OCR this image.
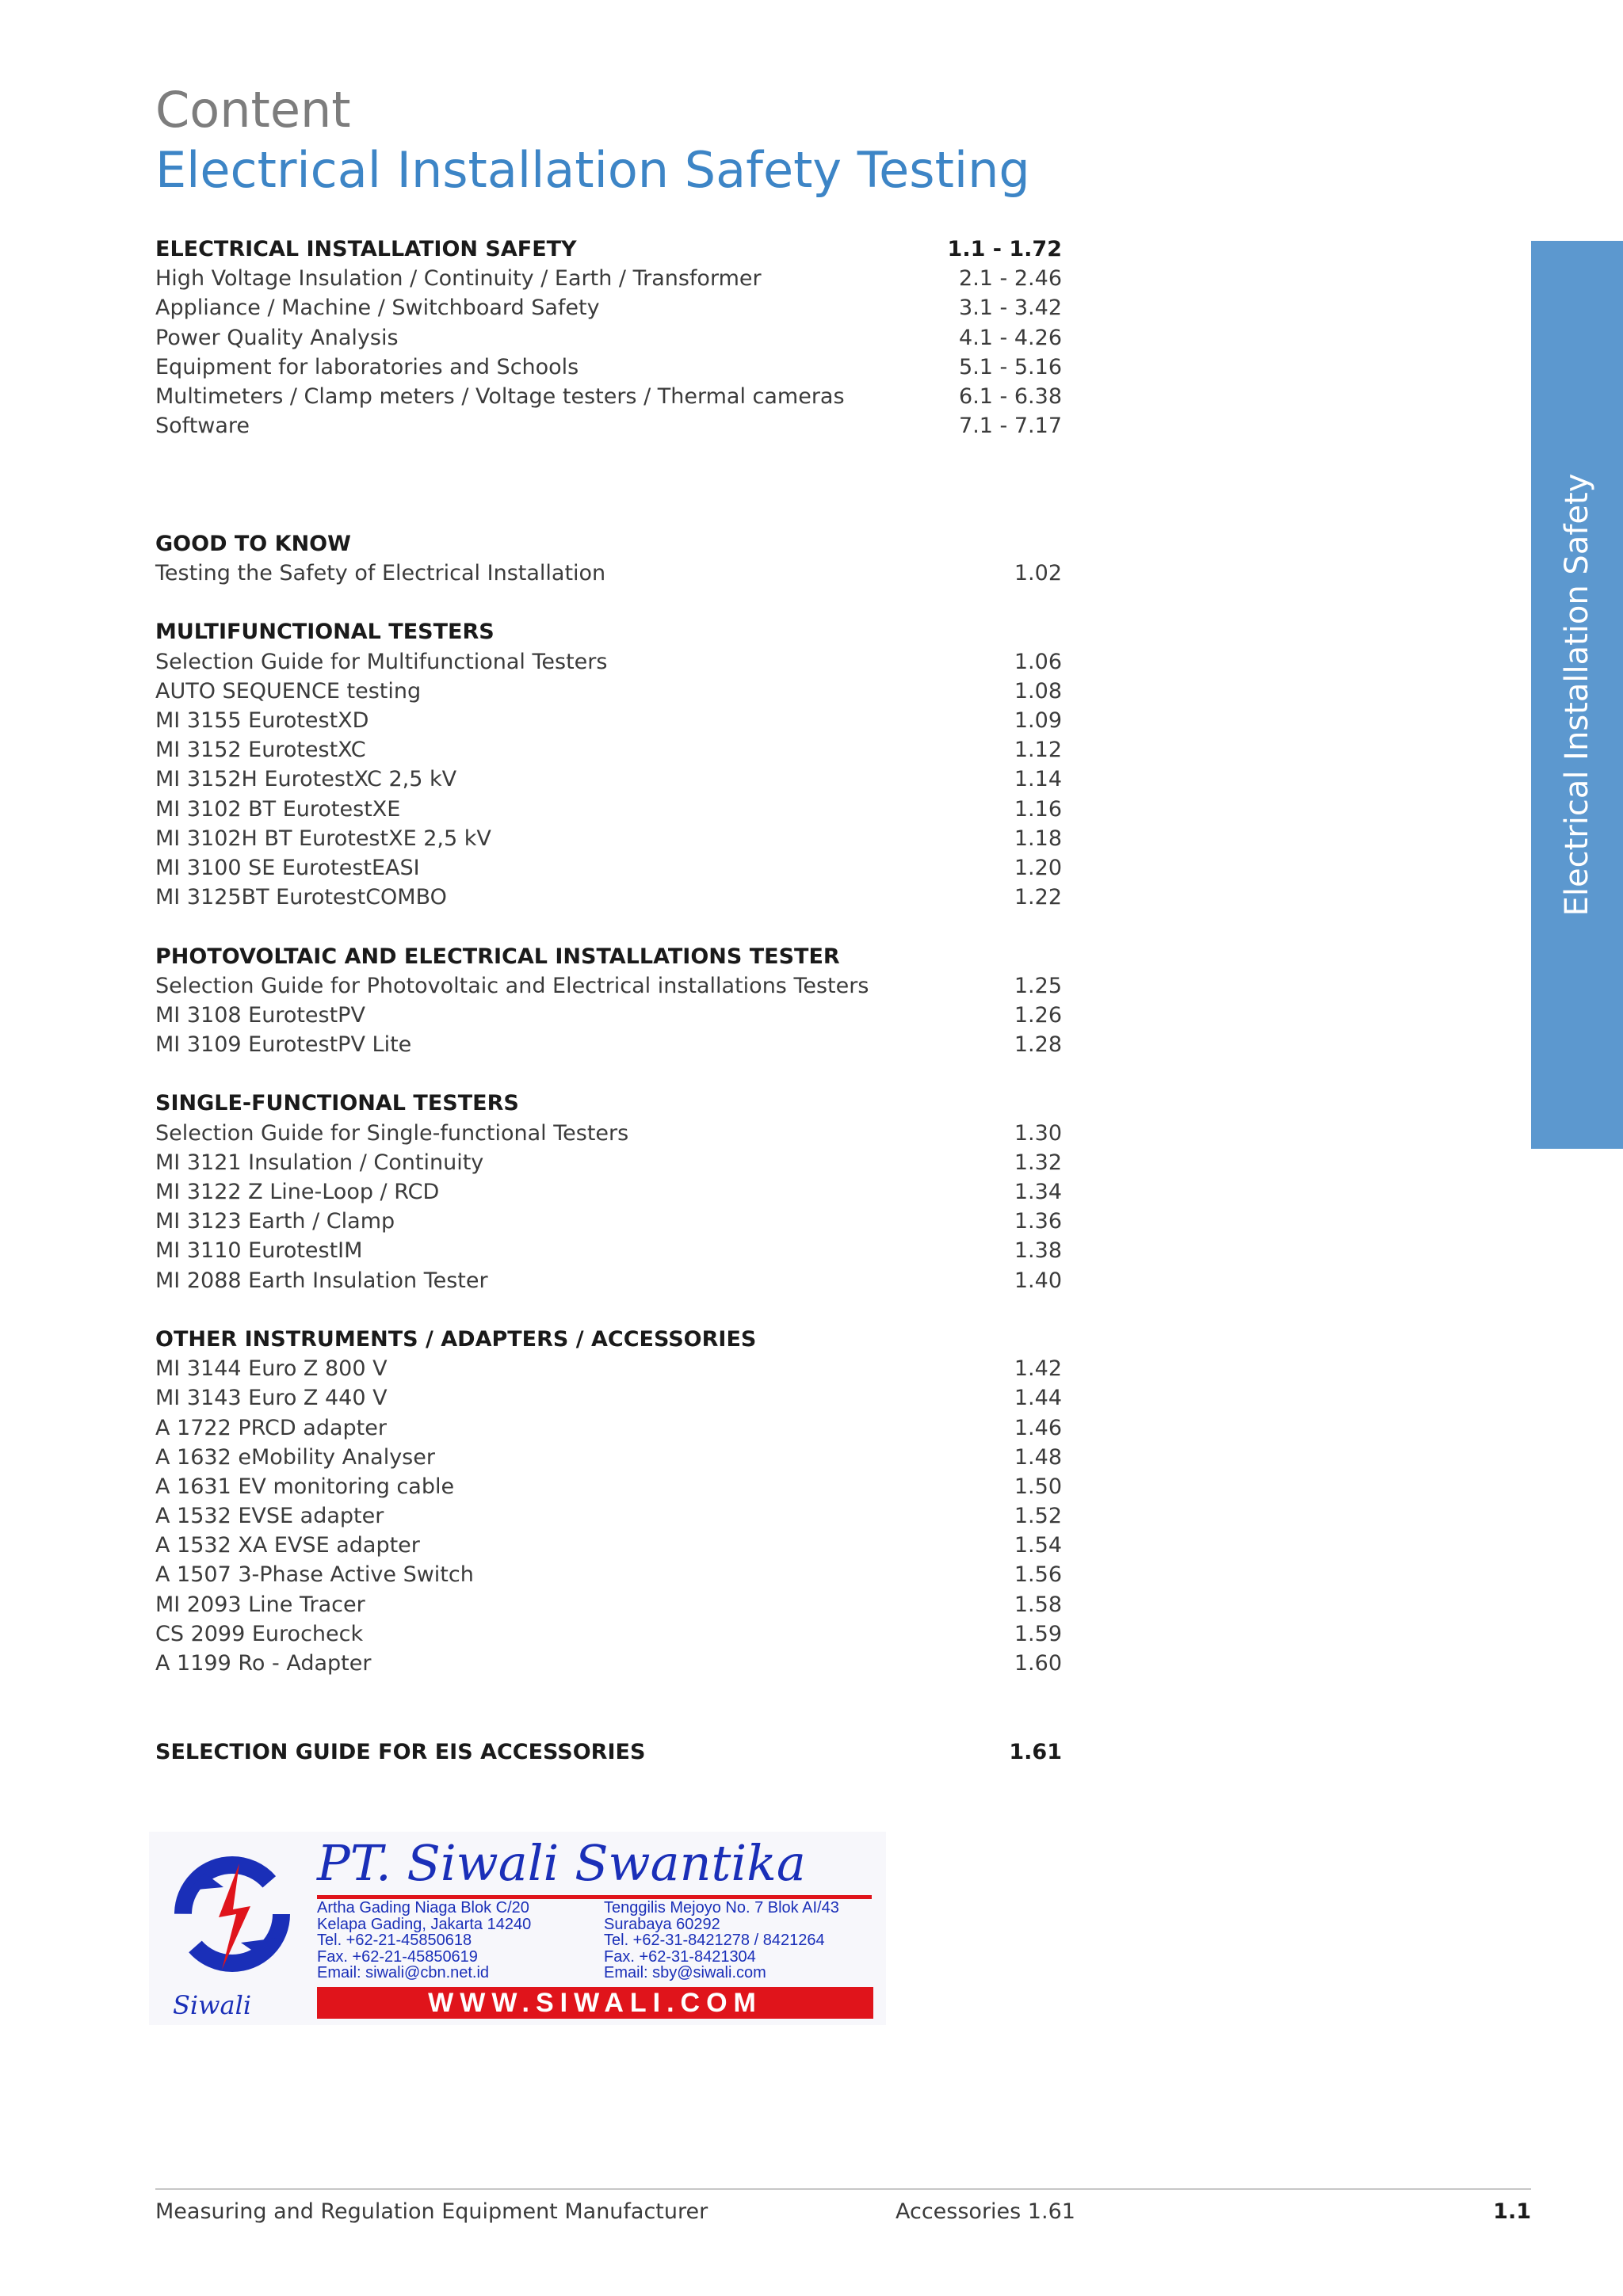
Content
Electrical Installation Safety Testing
Electrical Installation Safety
ELECTRICAL INSTALLATION SAFETY	1.1 - 1.72
High Voltage Insulation / Continuity / Earth / Transformer	2.1 - 2.46
Appliance / Machine / Switchboard Safety	3.1 - 3.42
Power Quality Analysis	4.1 - 4.26
Equipment for laboratories and Schools	5.1 - 5.16
Multimeters / Clamp meters / Voltage testers / Thermal cameras	6.1 - 6.38
Software	7.1 - 7.17
GOOD TO KNOW
Testing the Safety of Electrical Installation	1.02
MULTIFUNCTIONAL TESTERS
Selection Guide for Multifunctional Testers	1.06
AUTO SEQUENCE testing	1.08
MI 3155 EurotestXD	1.09
MI 3152 EurotestXC	1.12
MI 3152H EurotestXC 2,5 kV	1.14
MI 3102 BT EurotestXE	1.16
MI 3102H BT EurotestXE 2,5 kV	1.18
MI 3100 SE EurotestEASI	1.20
MI 3125BT EurotestCOMBO	1.22
PHOTOVOLTAIC AND ELECTRICAL INSTALLATIONS TESTER
Selection Guide for Photovoltaic and Electrical installations Testers	1.25
MI 3108 EurotestPV	1.26
MI 3109 EurotestPV Lite	1.28
SINGLE-FUNCTIONAL TESTERS
Selection Guide for Single-functional Testers	1.30
MI 3121 Insulation / Continuity	1.32
MI 3122 Z Line-Loop / RCD	1.34
MI 3123 Earth / Clamp	1.36
MI 3110 EurotestIM	1.38
MI 2088 Earth Insulation Tester	1.40
OTHER INSTRUMENTS / ADAPTERS / ACCESSORIES
MI 3144 Euro Z 800 V	1.42
MI 3143 Euro Z 440 V	1.44
A 1722 PRCD adapter	1.46
A 1632 eMobility Analyser	1.48
A 1631 EV monitoring cable	1.50
A 1532 EVSE adapter	1.52
A 1532 XA EVSE adapter	1.54
A 1507 3-Phase Active Switch	1.56
MI 2093 Line Tracer	1.58
CS 2099 Eurocheck	1.59
A 1199 Ro - Adapter	1.60
SELECTION GUIDE FOR EIS ACCESSORIES	1.61
Siwali
PT. Siwali Swantika
Artha Gading Niaga Blok C/20
Kelapa Gading, Jakarta 14240
Tel. +62-21-45850618
Fax. +62-21-45850619
Email: siwali@cbn.net.id
Tenggilis Mejoyo No. 7 Blok AI/43
Surabaya 60292
Tel. +62-31-8421278 / 8421264
Fax. +62-31-8421304
Email: sby@siwali.com
WWW.SIWALI.COM
Measuring and Regulation Equipment Manufacturer	Accessories 1.61	1.1
